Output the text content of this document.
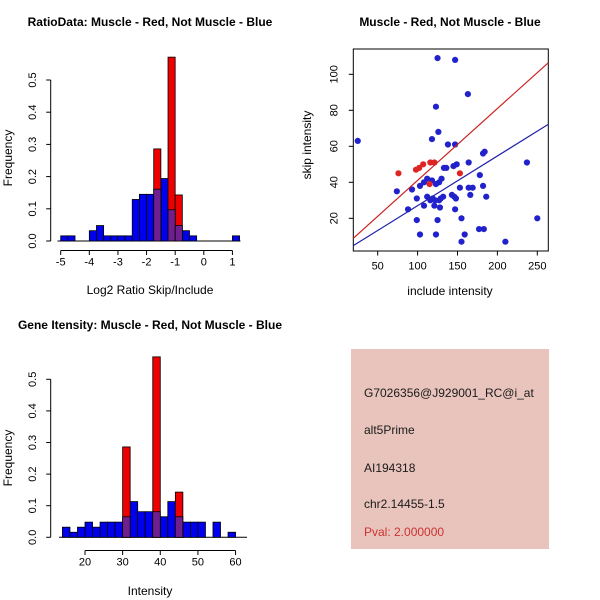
0.0
0.1
0.2
0.3
0.4
0.5
-5 -4 -3 -2 -1 0 1
RatioData: Muscle - Red, Not Muscle - Blue
Log2 Ratio Skip/Include
Frequency
50 100 150 200 250
20
40
60
80
100
Muscle - Red, Not Muscle - Blue
include intensity
skip intensity
0.0
0.1
0.2
0.3
0.4
0.5
20 30 40 50 60
Gene Itensity: Muscle - Red, Not Muscle - Blue
Intensity
Frequency
G7026356@J929001_RC@i_at
alt5Prime
AI194318
chr2.14455-1.5
Pval: 2.000000
